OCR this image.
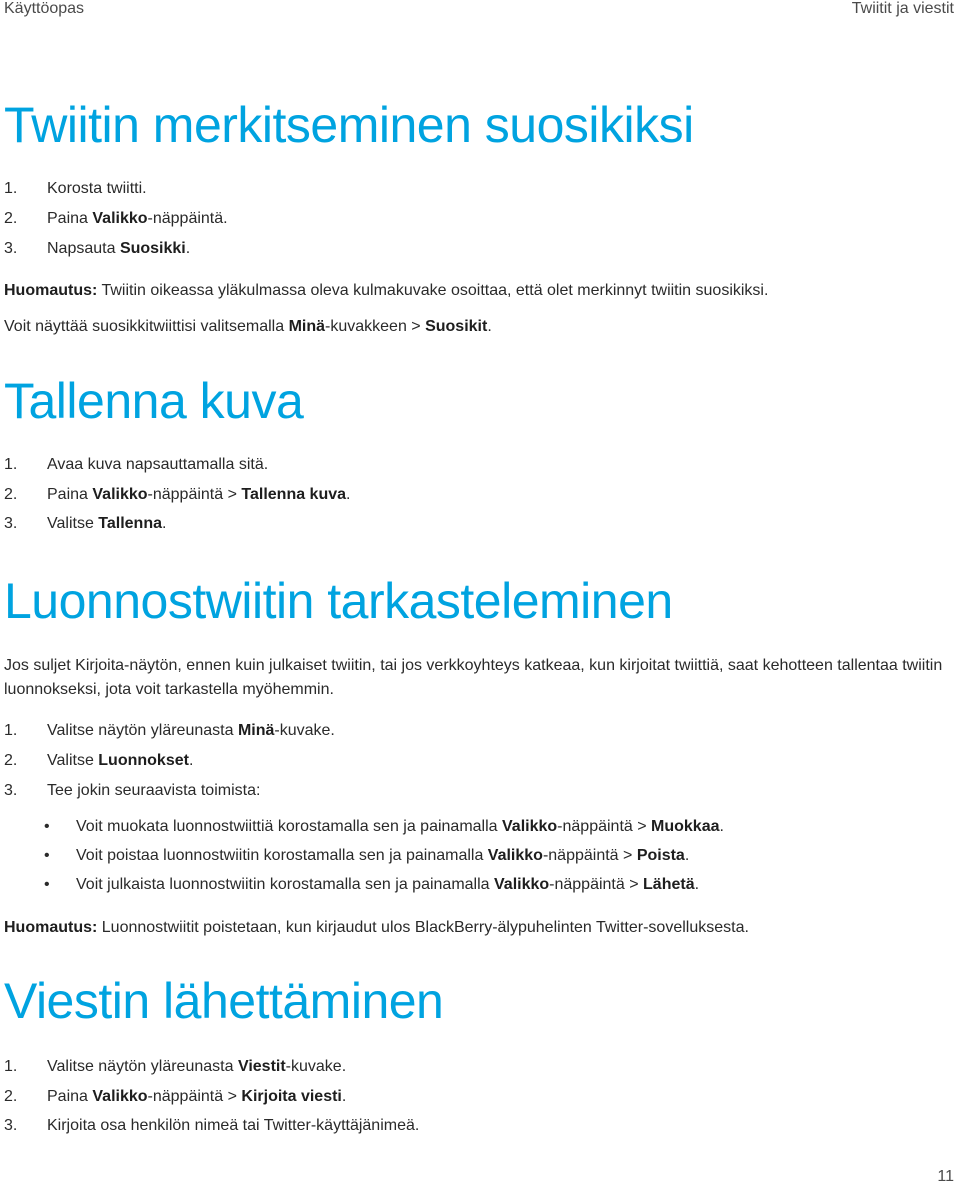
Käyttöopas	Twiitit ja viestit
Twiitin merkitseminen suosikiksi
1. Korosta twiitti.
2. Paina Valikko-näppäintä.
3. Napsauta Suosikki.
Huomautus: Twiitin oikeassa yläkulmassa oleva kulmakuvake osoittaa, että olet merkinnyt twiitin suosikiksi.
Voit näyttää suosikkitwiittisi valitsemalla Minä-kuvakkeen > Suosikit.
Tallenna kuva
1. Avaa kuva napsauttamalla sitä.
2. Paina Valikko-näppäintä > Tallenna kuva.
3. Valitse Tallenna.
Luonnostwiitin tarkasteleminen
Jos suljet Kirjoita-näytön, ennen kuin julkaiset twiitin, tai jos verkkoyhteys katkeaa, kun kirjoitat twiittiä, saat kehotteen tallentaa twiitin luonnokseksi, jota voit tarkastella myöhemmin.
1. Valitse näytön yläreunasta Minä-kuvake.
2. Valitse Luonnokset.
3. Tee jokin seuraavista toimista:
• Voit muokata luonnostwiittiä korostamalla sen ja painamalla Valikko-näppäintä > Muokkaa.
• Voit poistaa luonnostwiitin korostamalla sen ja painamalla Valikko-näppäintä > Poista.
• Voit julkaista luonnostwiitin korostamalla sen ja painamalla Valikko-näppäintä > Lähetä.
Huomautus: Luonnostwiitit poistetaan, kun kirjaudut ulos BlackBerry-älypuhelinten Twitter-sovelluksesta.
Viestin lähettäminen
1. Valitse näytön yläreunasta Viestit-kuvake.
2. Paina Valikko-näppäintä > Kirjoita viesti.
3. Kirjoita osa henkilön nimeä tai Twitter-käyttäjänimeä.
11
